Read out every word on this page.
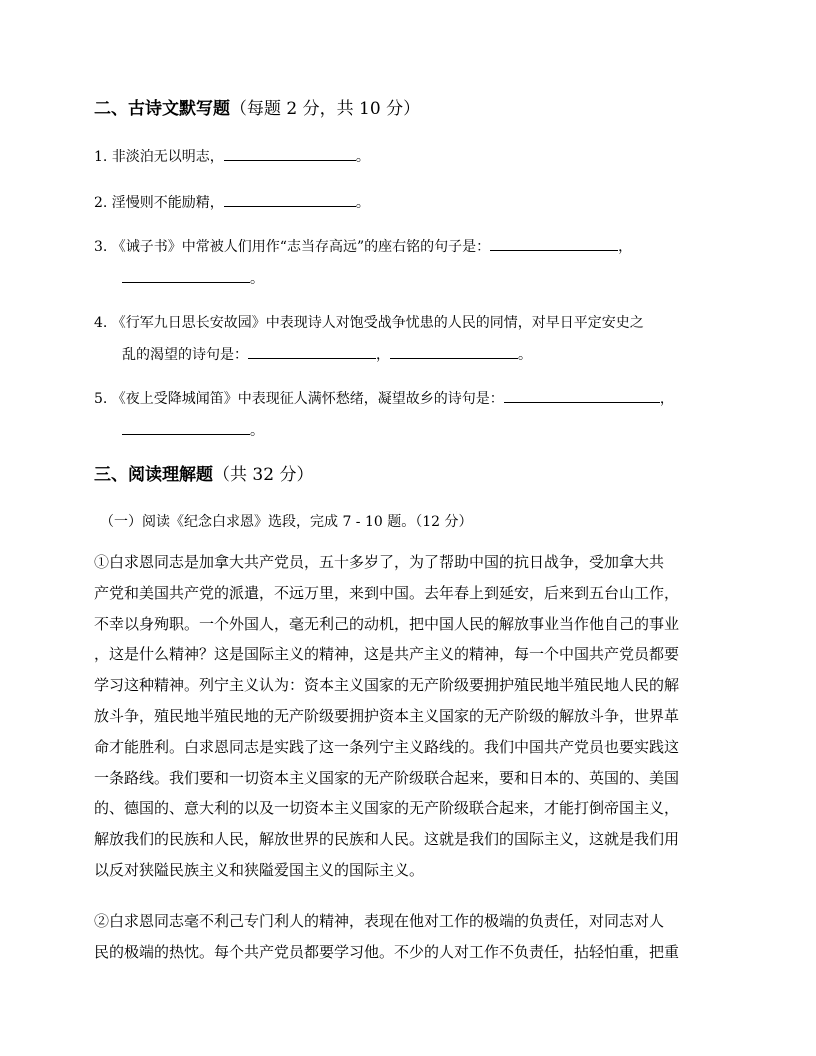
二、古诗文默写题（每题 2 分，共 10 分）
1. 非淡泊无以明志，	。
2. 淫慢则不能励精，	。
3. 《诫子书》中常被人们用作“志当存高远”的座右铭的句子是：	，
。
4. 《行军九日思长安故园》中表现诗人对饱受战争忧患的人民的同情，对早日平定安史之
乱的渴望的诗句是：	，	。
5. 《夜上受降城闻笛》中表现征人满怀愁绪，凝望故乡的诗句是：	，
。
三、阅读理解题（共 32 分）
（一）阅读《纪念白求恩》选段，完成 7 - 10 题。（12 分）
①白求恩同志是加拿大共产党员，五十多岁了，为了帮助中国的抗日战争，受加拿大共
产党和美国共产党的派遣，不远万里，来到中国。去年春上到延安，后来到五台山工作，
不幸以身殉职。一个外国人，毫无利己的动机，把中国人民的解放事业当作他自己的事业
，这是什么精神？这是国际主义的精神，这是共产主义的精神，每一个中国共产党员都要
学习这种精神。列宁主义认为：资本主义国家的无产阶级要拥护殖民地半殖民地人民的解
放斗争，殖民地半殖民地的无产阶级要拥护资本主义国家的无产阶级的解放斗争，世界革
命才能胜利。白求恩同志是实践了这一条列宁主义路线的。我们中国共产党员也要实践这
一条路线。我们要和一切资本主义国家的无产阶级联合起来，要和日本的、英国的、美国
的、德国的、意大利的以及一切资本主义国家的无产阶级联合起来，才能打倒帝国主义，
解放我们的民族和人民，解放世界的民族和人民。这就是我们的国际主义，这就是我们用
以反对狭隘民族主义和狭隘爱国主义的国际主义。
②白求恩同志毫不利己专门利人的精神，表现在他对工作的极端的负责任，对同志对人
民的极端的热忱。每个共产党员都要学习他。不少的人对工作不负责任，拈轻怕重，把重
